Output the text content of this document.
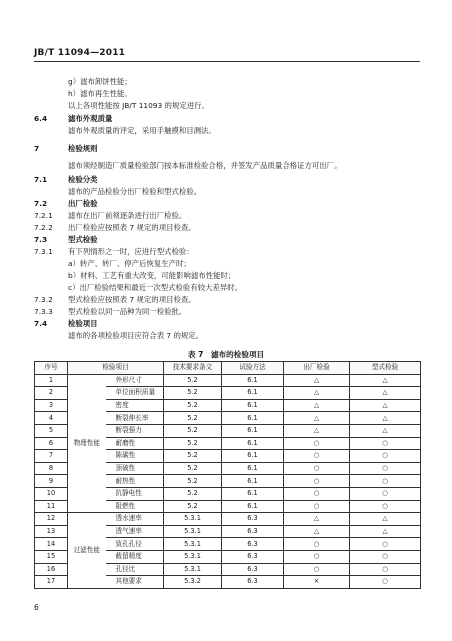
JB/T 11094—2011
g）滤布卸饼性能；
h）滤布再生性能。
以上各项性能按 JB/T 11093 的规定进行。
6.4	滤布外观质量
滤布外观质量的评定，采用手触摸和目测法。
7	检验规则
滤布须经制造厂质量检验部门按本标准检验合格，并签发产品质量合格证方可出厂。
7.1	检验分类
滤布的产品检验分出厂检验和型式检验。
7.2	出厂检验
7.2.1 滤布在出厂前须逐条进行出厂检验。
7.2.2 出厂检验应按照表 7 规定的项目检查。
7.3	型式检验
7.3.1 有下列情形之一时，应进行型式检验：
a）转产、转厂、停产后恢复生产时；
b）材料、工艺有重大改变，可能影响滤布性能时；
c）出厂检验结果和最近一次型式检验有较大差异时。
7.3.2 型式检验应按照表 7 规定的项目检查。
7.3.3 型式检验以同一品种为同一检验批。
7.4	检验项目
滤布的各项检验项目应符合表 7 的规定。
表 7　滤布的检验项目
序号	检验项目		技术要求条文	试验方法	出厂检验	型式检验
1	物理性能	外形尺寸	5.2	6.1	△	△
2		单位面积质量	5.2	6.1	△	△
3		密度	5.2	6.1	△	△
4		断裂伸长率	5.2	6.1	△	△
5		断裂强力	5.2	6.1	△	△
6		耐磨性	5.2	6.1	○	○
7		陈碳性	5.2	6.1	○	○
8		顶破性	5.2	6.1	○	○
9		耐热性	5.2	6.1	○	○
10		抗静电性	5.2	6.1	○	○
11		阻燃性	5.2	6.1	○	○
12	过滤性能	透水速率	5.3.1	6.3	△	△
13		透气速率	5.3.1	6.3	△	△
14		致孔孔径	5.3.1	6.3	○	○
15		截留精度	5.3.1	6.3	○	○
16		孔径比	5.3.1	6.3	○	○
17		其他要求	5.3.2	6.3	×	○
6
